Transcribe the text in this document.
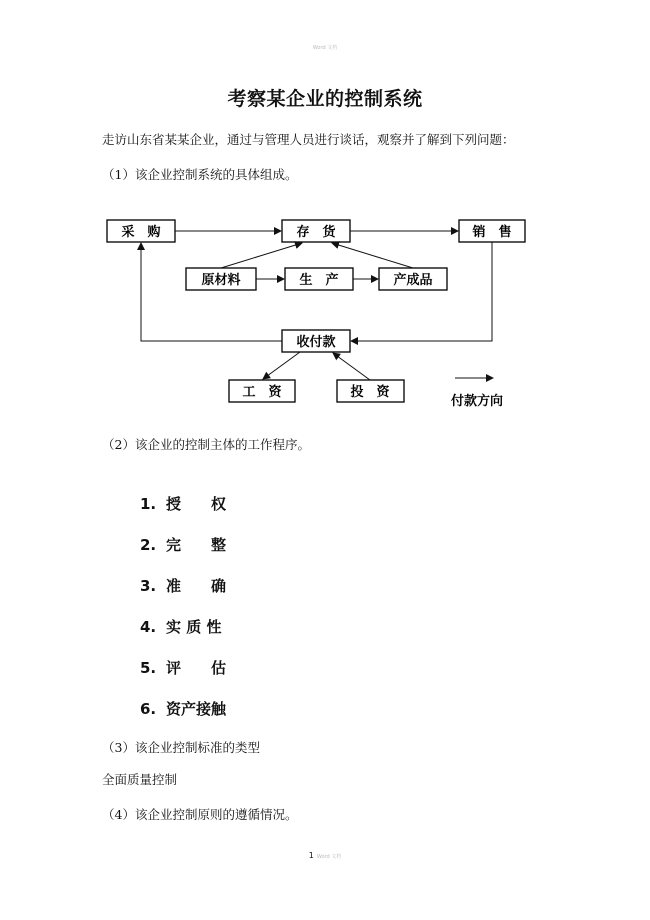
Word 文档
考察某企业的控制系统
走访山东省某某企业，通过与管理人员进行谈话，观察并了解到下列问题：
（1）该企业控制系统的具体组成。
采　购	存　货	销　售
原材料	生　产	产成品
收付款
工　资	投　资
付款方向
（2）该企业的控制主体的工作程序。
1. 授　　权
2. 完　　整
3. 准　　确
4. 实 质 性
5. 评　　估
6. 资产接触
（3）该企业控制标准的类型
全面质量控制
（4）该企业控制原则的遵循情况。
1 Word 文档
